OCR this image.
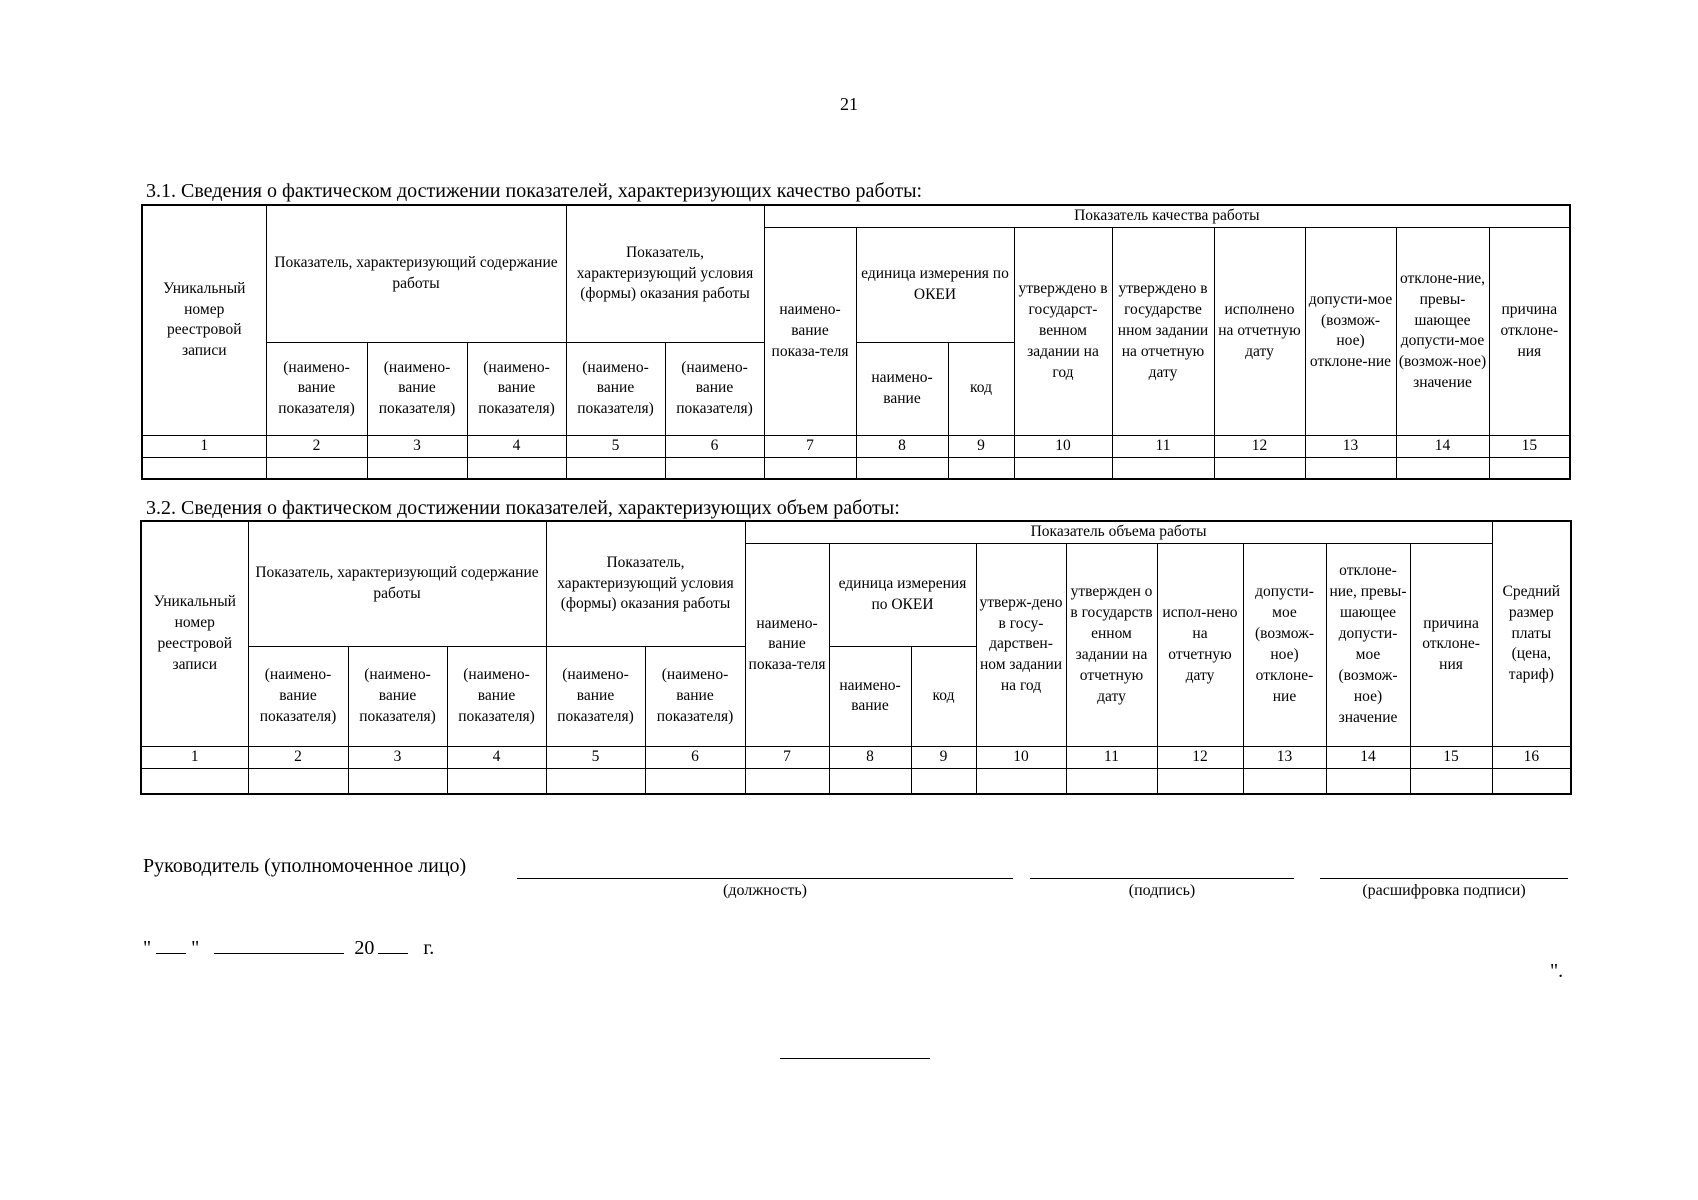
21
3.1. Сведения о фактическом достижении показателей, характеризующих качество работы:
Уникальный номер реестровой записи	Показатель, характеризующий содержание работы			Показатель, характеризующий условия (формы) оказания работы		Показатель качества работы								
						наимено-вание показа-теля	единица измерения по ОКЕИ		утверждено в государст-венном задании на год	утверждено в государстве нном задании на отчетную дату	исполнено на отчетную дату	допусти-мое (возмож-ное) отклоне-ние	отклоне-ние, превы-шающее допусти-мое (возмож-ное) значение	причина отклоне-ния
	(наимено-вание показателя)	(наимено-вание показателя)	(наимено-вание показателя)	(наимено-вание показателя)	(наимено-вание показателя)		наимено-вание	код						
1	2	3	4	5	6	7	8	9	10	11	12	13	14	15

3.2. Сведения о фактическом достижении показателей, характеризующих объем работы:
Уникальный номер реестровой записи	Показатель, характеризующий содержание работы			Показатель, характеризующий условия (формы) оказания работы		Показатель объема работы									Средний размер платы (цена, тариф)
						наимено-вание показа-теля	единица измерения по ОКЕИ		утверж-дено в госу-дарствен-ном задании на год	утвержден о в государств енном задании на отчетную дату	испол-нено на отчетную дату	допусти-мое (возмож-ное) отклоне-ние	отклоне-ние, превы-шающее допусти-мое (возмож-ное) значение	причина отклоне-ния	
	(наимено-вание показателя)	(наимено-вание показателя)	(наимено-вание показателя)	(наимено-вание показателя)	(наимено-вание показателя)		наимено-вание	код							
1	2	3	4	5	6	7	8	9	10	11	12	13	14	15	16

Руководитель (уполномоченное лицо)
(должность)	(подпись)	(расшифровка подписи)
" "	20 г.
".
